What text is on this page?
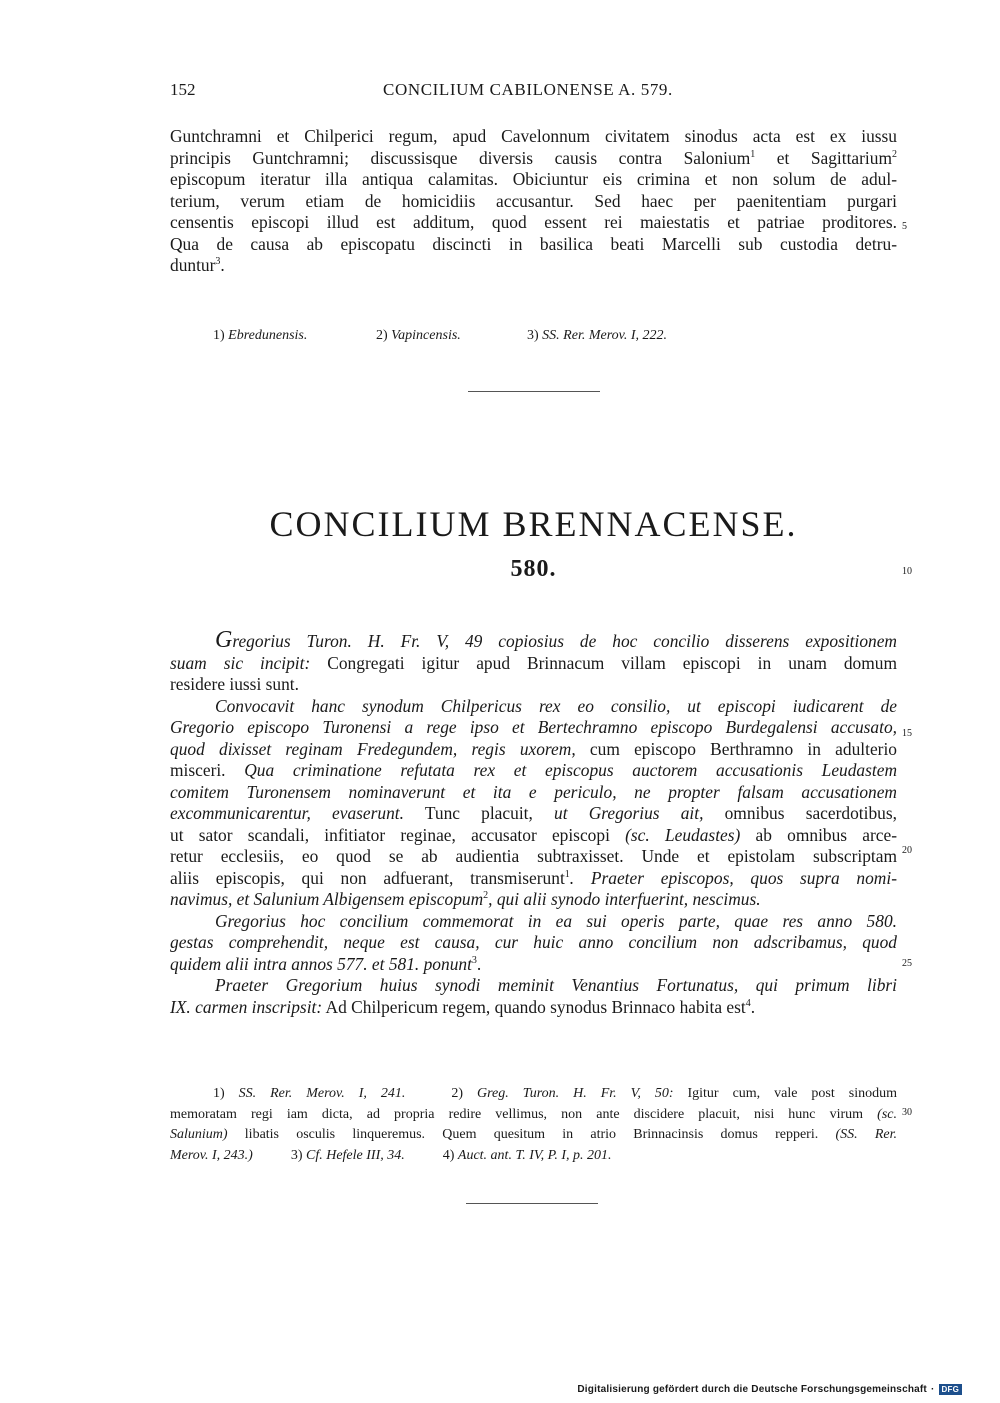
152	CONCILIUM CABILONENSE A. 579.
Guntchramni et Chilperici regum, apud Cavelonnum civitatem sinodus acta est ex iussu
principis Guntchramni; discussisque diversis causis contra Salonium$^1$ et Sagittarium$^2$
episcopum iteratur illa antiqua calamitas. Obiciuntur eis crimina et non solum de adul-
terium, verum etiam de homicidiis accusantur. Sed haec per paenitentiam purgari
censentis episcopi illud est additum, quod essent rei maiestatis et patriae proditores.
Qua de causa ab episcopatu discincti in basilica beati Marcelli sub custodia detru-
duntur$^3$.
5
1) Ebredunensis.	2) Vapincensis.	3) SS. Rer. Merov. I, 222.
CONCILIUM BRENNACENSE.
580.	10
Gregorius Turon. H. Fr. V, 49 copiosius de hoc concilio disserens expositionem
suam sic incipit: Congregati igitur apud Brinnacum villam episcopi in unam domum
residere iussi sunt.
Convocavit hanc synodum Chilpericus rex eo consilio, ut episcopi iudicarent de
Gregorio episcopo Turonensi a rege ipso et Bertechramno episcopo Burdegalensi accusato,
quod dixisset reginam Fredegundem, regis uxorem, cum episcopo Berthramno in adulterio
misceri. Qua criminatione refutata rex et episcopus auctorem accusationis Leudastem
comitem Turonensem nominaverunt et ita e periculo, ne propter falsam accusationem
excommunicarentur, evaserunt. Tunc placuit, ut Gregorius ait, omnibus sacerdotibus,
ut sator scandali, infitiator reginae, accusator episcopi (sc. Leudastes) ab omnibus arce-
retur ecclesiis, eo quod se ab audientia subtraxisset. Unde et epistolam subscriptam
aliis episcopis, qui non adfuerant, transmiserunt$^1$. Praeter episcopos, quos supra nomi-
navimus, et Salunium Albigensem episcopum$^2$, qui alii synodo interfuerint, nescimus.
Gregorius hoc concilium commemorat in ea sui operis parte, quae res anno 580.
gestas comprehendit, neque est causa, cur huic anno concilium non adscribamus, quod
quidem alii intra annos 577. et 581. ponunt$^3$.
Praeter Gregorium huius synodi meminit Venantius Fortunatus, qui primum libri
IX. carmen inscripsit: Ad Chilpericum regem, quando synodus Brinnaco habita est$^4$.
15
20
25
1) SS. Rer. Merov. I, 241.	2) Greg. Turon. H. Fr. V, 50: Igitur cum, vale post sinodum
memoratam regi iam dicta, ad propria redire vellimus, non ante discidere placuit, nisi hunc virum (sc.
Salunium) libatis osculis linqueremus. Quem quesitum in atrio Brinnacinsis domus repperi. (SS. Rer.
Merov. I, 243.)	3) Cf. Hefele III, 34.	4) Auct. ant. T. IV, P. I, p. 201.
30
Digitalisierung gefördert durch die Deutsche Forschungsgemeinschaft · DFG
